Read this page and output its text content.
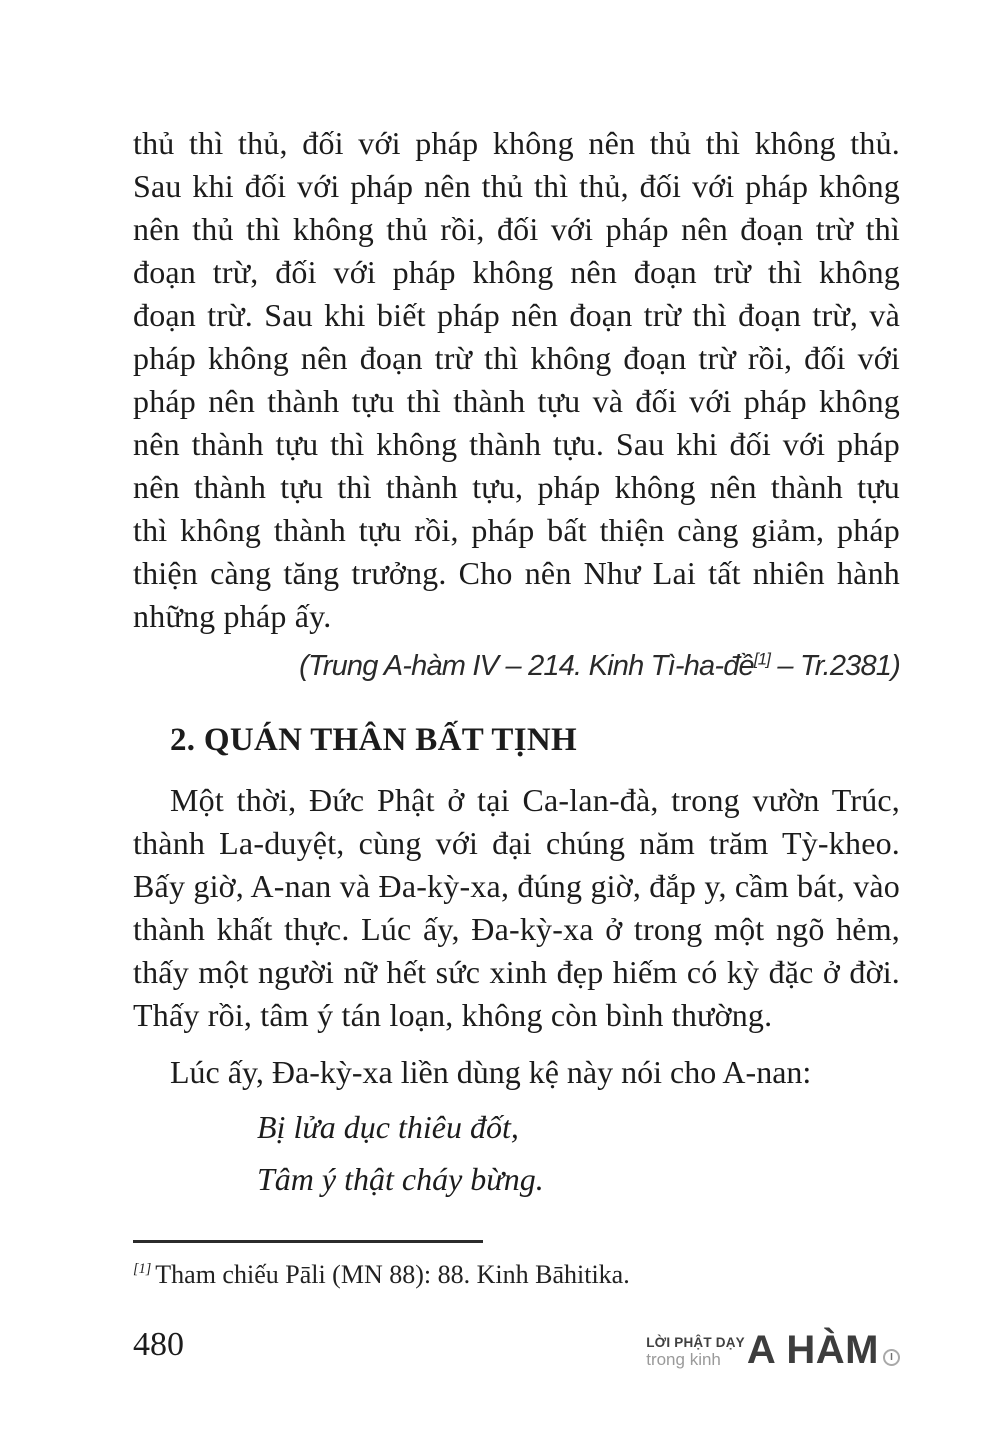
thủ thì thủ, đối với pháp không nên thủ thì không thủ.
Sau khi đối với pháp nên thủ thì thủ, đối với pháp không
nên thủ thì không thủ rồi, đối với pháp nên đoạn trừ thì
đoạn trừ, đối với pháp không nên đoạn trừ thì không
đoạn trừ. Sau khi biết pháp nên đoạn trừ thì đoạn trừ, và
pháp không nên đoạn trừ thì không đoạn trừ rồi, đối với
pháp nên thành tựu thì thành tựu và đối với pháp không
nên thành tựu thì không thành tựu. Sau khi đối với pháp
nên thành tựu thì thành tựu, pháp không nên thành tựu
thì không thành tựu rồi, pháp bất thiện càng giảm, pháp
thiện càng tăng trưởng. Cho nên Như Lai tất nhiên hành
những pháp ấy.
(Trung A-hàm IV – 214. Kinh Tì-ha-đề[1] – Tr.2381)
2. QUÁN THÂN BẤT TỊNH
Một thời, Đức Phật ở tại Ca-lan-đà, trong vườn Trúc,
thành La-duyệt, cùng với đại chúng năm trăm Tỳ-kheo.
Bấy giờ, A-nan và Đa-kỳ-xa, đúng giờ, đắp y, cầm bát, vào
thành khất thực. Lúc ấy, Đa-kỳ-xa ở trong một ngõ hẻm,
thấy một người nữ hết sức xinh đẹp hiếm có kỳ đặc ở đời.
Thấy rồi, tâm ý tán loạn, không còn bình thường.

Lúc ấy, Đa-kỳ-xa liền dùng kệ này nói cho A-nan:

Bị lửa dục thiêu đốt,
Tâm ý thật cháy bừng.
[1] Tham chiếu Pāli (MN 88): 88. Kinh Bāhitika.
480	LỜI PHẬT DẠY
trong kinh A HÀM	I
